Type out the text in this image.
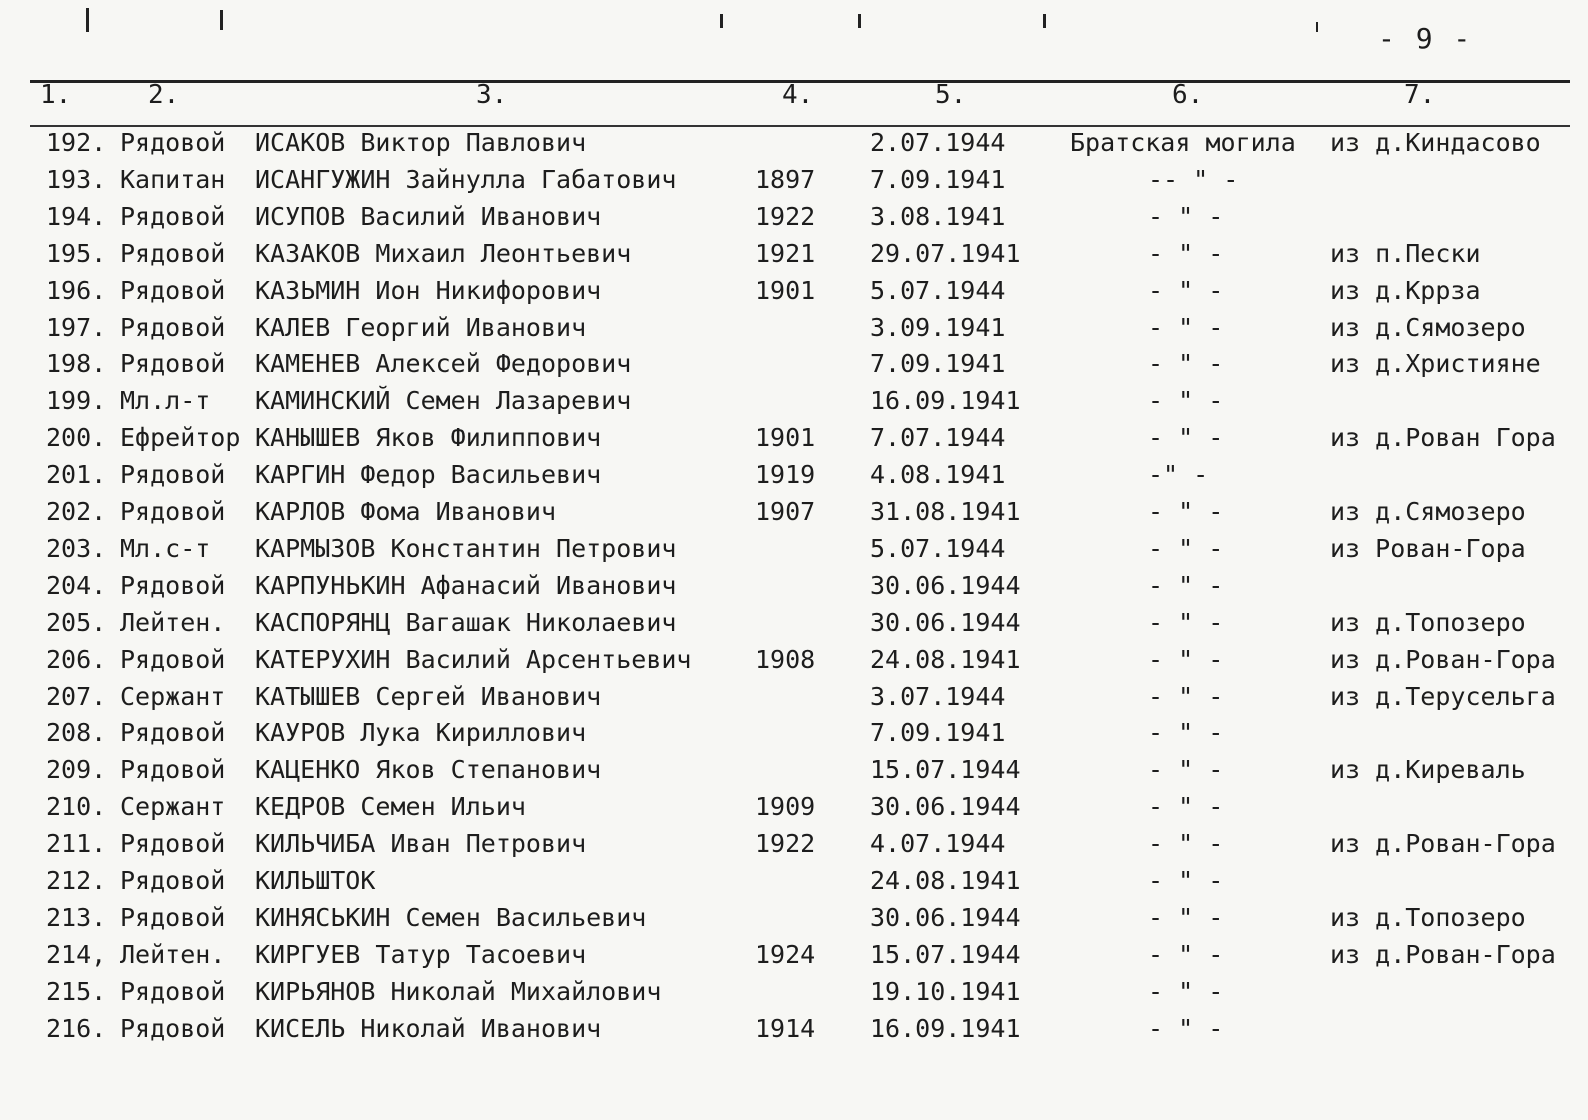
- 9 -
1.	2.	3.	4.	5.	6.	7.
192. Рядовой ИСАКОВ Виктор Павлович	2.07.1944	Братская могила из д.Киндасово
193. Капитан ИСАНГУЖИН Зайнулла Габатович	1897 7.09.1941	-- " -
194. Рядовой ИСУПОВ Василий Иванович	1922 3.08.1941	- " -
195. Рядовой КАЗАКОВ Михаил Леонтьевич	1921 29.07.1941	- " -	из п.Пески
196. Рядовой КАЗЬМИН Ион Никифорович	1901 5.07.1944	- " -	из д.Кррза
197. Рядовой КАЛЕВ Георгий Иванович	3.09.1941	- " -	из д.Сямозеро
198. Рядовой КАМЕНЕВ Алексей Федорович	7.09.1941	- " -	из д.Християне
199. Мл.л-т КАМИНСКИЙ Семен Лазаревич	16.09.1941	- " -
200. Ефрейтор КАНЫШЕВ Яков Филиппович	1901 7.07.1944	- " -	из д.Рован Гора
201. Рядовой КАРГИН Федор Васильевич	1919 4.08.1941	-" -
202. Рядовой КАРЛОВ Фома Иванович	1907 31.08.1941	- " -	из д.Сямозеро
203. Мл.с-т КАРМЫЗОВ Константин Петрович	5.07.1944	- " -	из Рован-Гора
204. Рядовой КАРПУНЬКИН Афанасий Иванович	30.06.1944	- " -
205. Лейтен. КАСПОРЯНЦ Вагашак Николаевич	30.06.1944	- " -	из д.Топозеро
206. Рядовой КАТЕРУХИН Василий Арсентьевич	1908 24.08.1941	- " -	из д.Рован-Гора
207. Сержант КАТЫШЕВ Сергей Иванович	3.07.1944	- " -	из д.Терусельга
208. Рядовой КАУРОВ Лука Кириллович	7.09.1941	- " -
209. Рядовой КАЦЕНКО Яков Степанович	15.07.1944	- " -	из д.Киреваль
210. Сержант КЕДРОВ Семен Ильич	1909 30.06.1944	- " -
211. Рядовой КИЛЬЧИБА Иван Петрович	1922 4.07.1944	- " -	из д.Рован-Гора
212. Рядовой КИЛЬШТОК	24.08.1941	- " -
213. Рядовой КИНЯСЬКИН Семен Васильевич	30.06.1944	- " -	из д.Топозеро
214, Лейтен. КИРГУЕВ Татур Тасоевич	1924 15.07.1944	- " -	из д.Рован-Гора
215. Рядовой КИРЬЯНОВ Николай Михайлович	19.10.1941	- " -
216. Рядовой КИСЕЛЬ Николай Иванович	1914 16.09.1941	- " -
